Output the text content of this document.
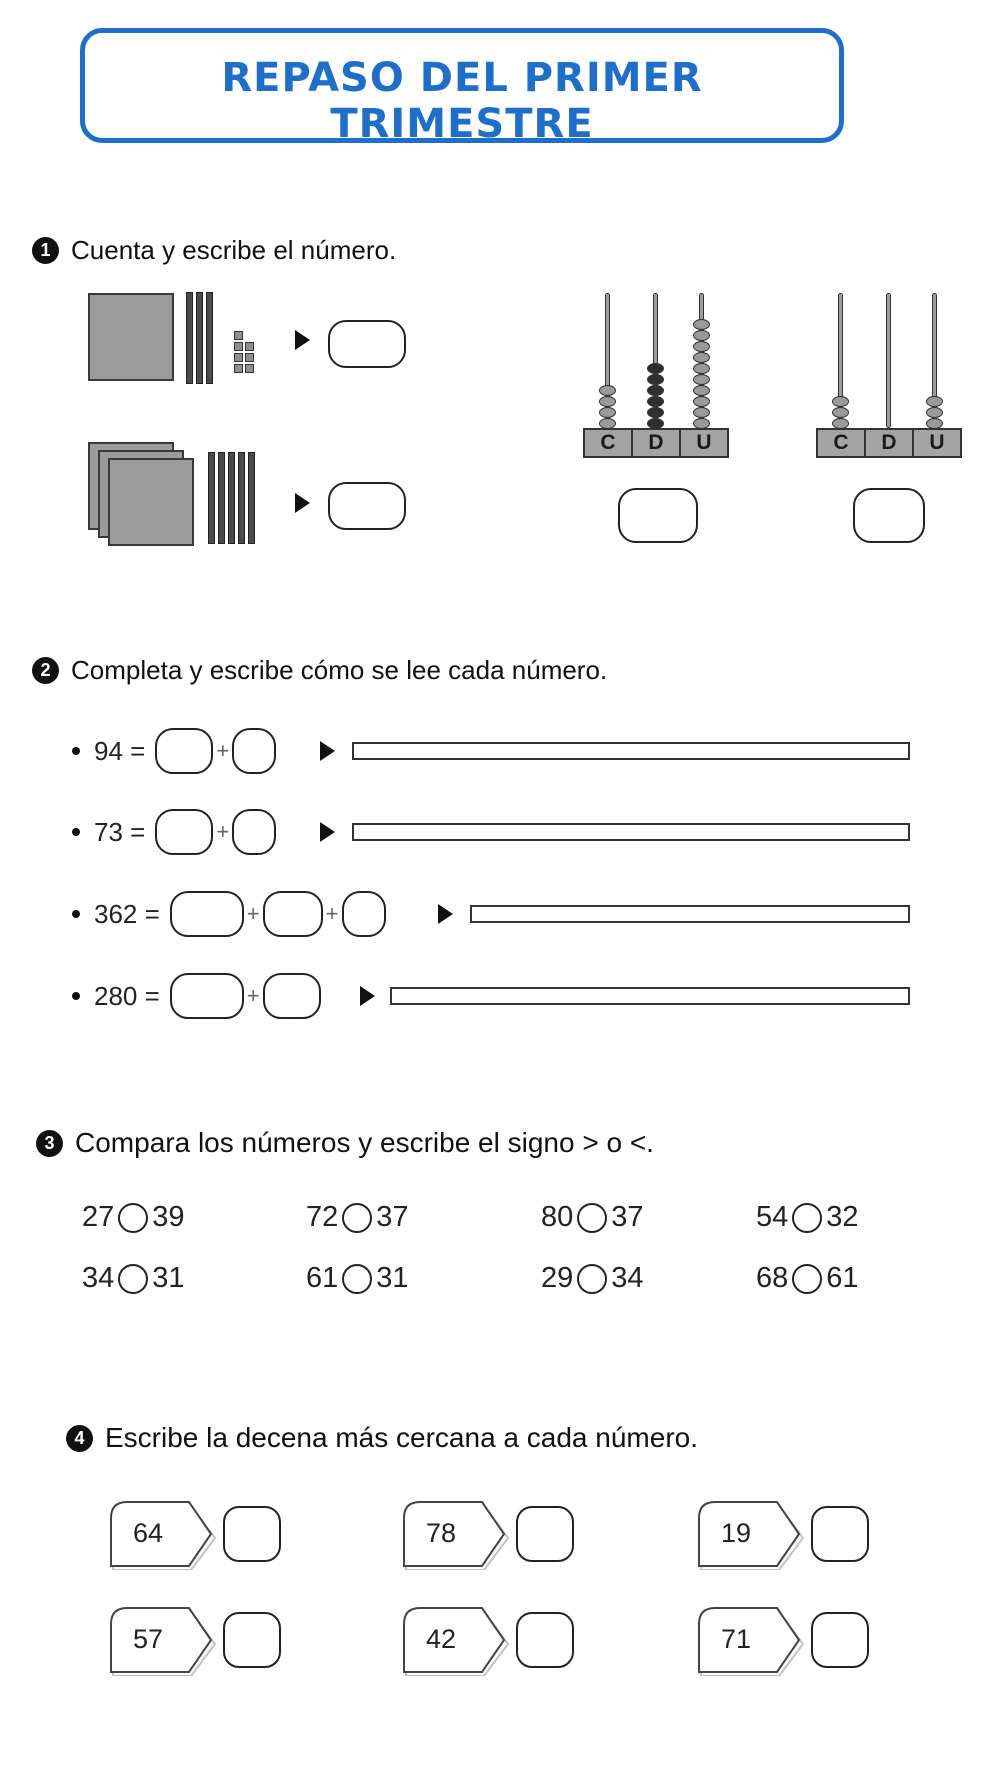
REPASO DEL PRIMER TRIMESTRE
1 Cuenta y escribe el número.
C	D	U	C	D	U
2 Completa y escribe cómo se lee cada número.
94 =	+
73 =	+
362 =	+	+
280 =	+
3 Compara los números y escribe el signo > o <.
27 39	72 37	80 37	54 32
34 31	61 31	29 34	68 61
4 Escribe la decena más cercana a cada número.
64	78	19
57	42	71
